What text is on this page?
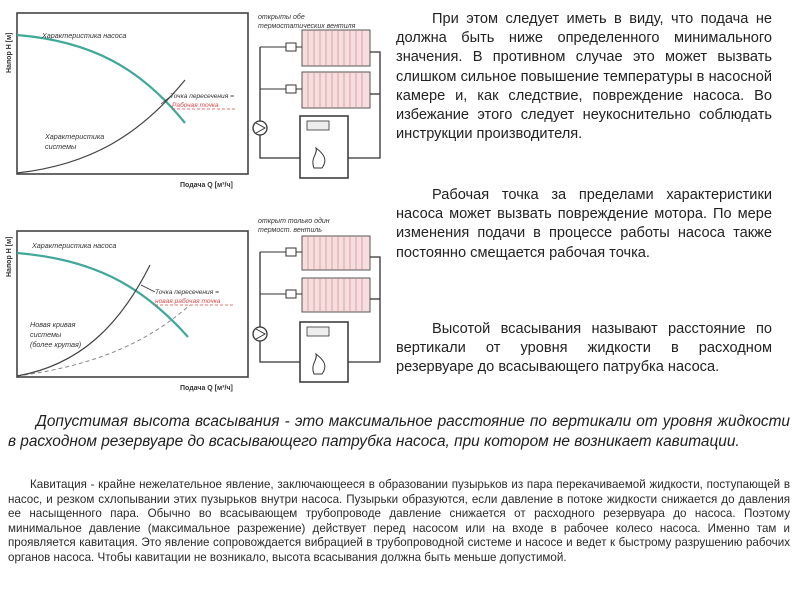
Напор H [м]	Характеристика насоса
Точка пересечения =
Рабочая точка
Характеристика
системы
Подача Q [м³/ч]
открыты обе
термостатических вентиля
Напор H [м]	Характеристика насоса
Точка пересечения =
новая рабочая точка
Новая кривая
системы
(более крутая)
Подача Q [м³/ч]
открыт только один
термост. вентиль
При этом следует иметь в виду, что подача не должна быть ниже определенного минимального значения. В противном случае это может вызвать слишком сильное повышение температуры в насосной камере и, как следствие, повреждение насоса. Во избежание этого следует неукоснительно соблюдать инструкции производителя.
Рабочая точка за пределами характеристики насоса может вызвать повреждение мотора. По мере изменения подачи в процессе работы насоса также постоянно смещается рабочая точка.
Высотой всасывания называют расстояние по вертикали от уровня жидкости в расходном резервуаре до всасывающего патрубка насоса.
Допустимая высота всасывания - это максимальное расстояние по вертикали от уровня жидкости в расходном резервуаре до всасывающего патрубка насоса, при котором не возникает кавитации.
Кавитация - крайне нежелательное явление, заключающееся в образовании пузырьков из пара перекачиваемой жидкости, поступающей в насос, и резком схлопывании этих пузырьков внутри насоса. Пузырьки образуются, если давление в потоке жидкости снижается до давления ее насыщенного пара. Обычно во всасывающем трубопроводе давление снижается от расходного резервуара до насоса. Поэтому минимальное давление (максимальное разрежение) действует перед насосом или на входе в рабочее колесо насоса. Именно там и проявляется кавитация. Это явление сопровождается вибрацией в трубопроводной системе и насосе и ведет к быстрому разрушению рабочих органов насоса. Чтобы кавитации не возникало, высота всасывания должна быть меньше допустимой.
